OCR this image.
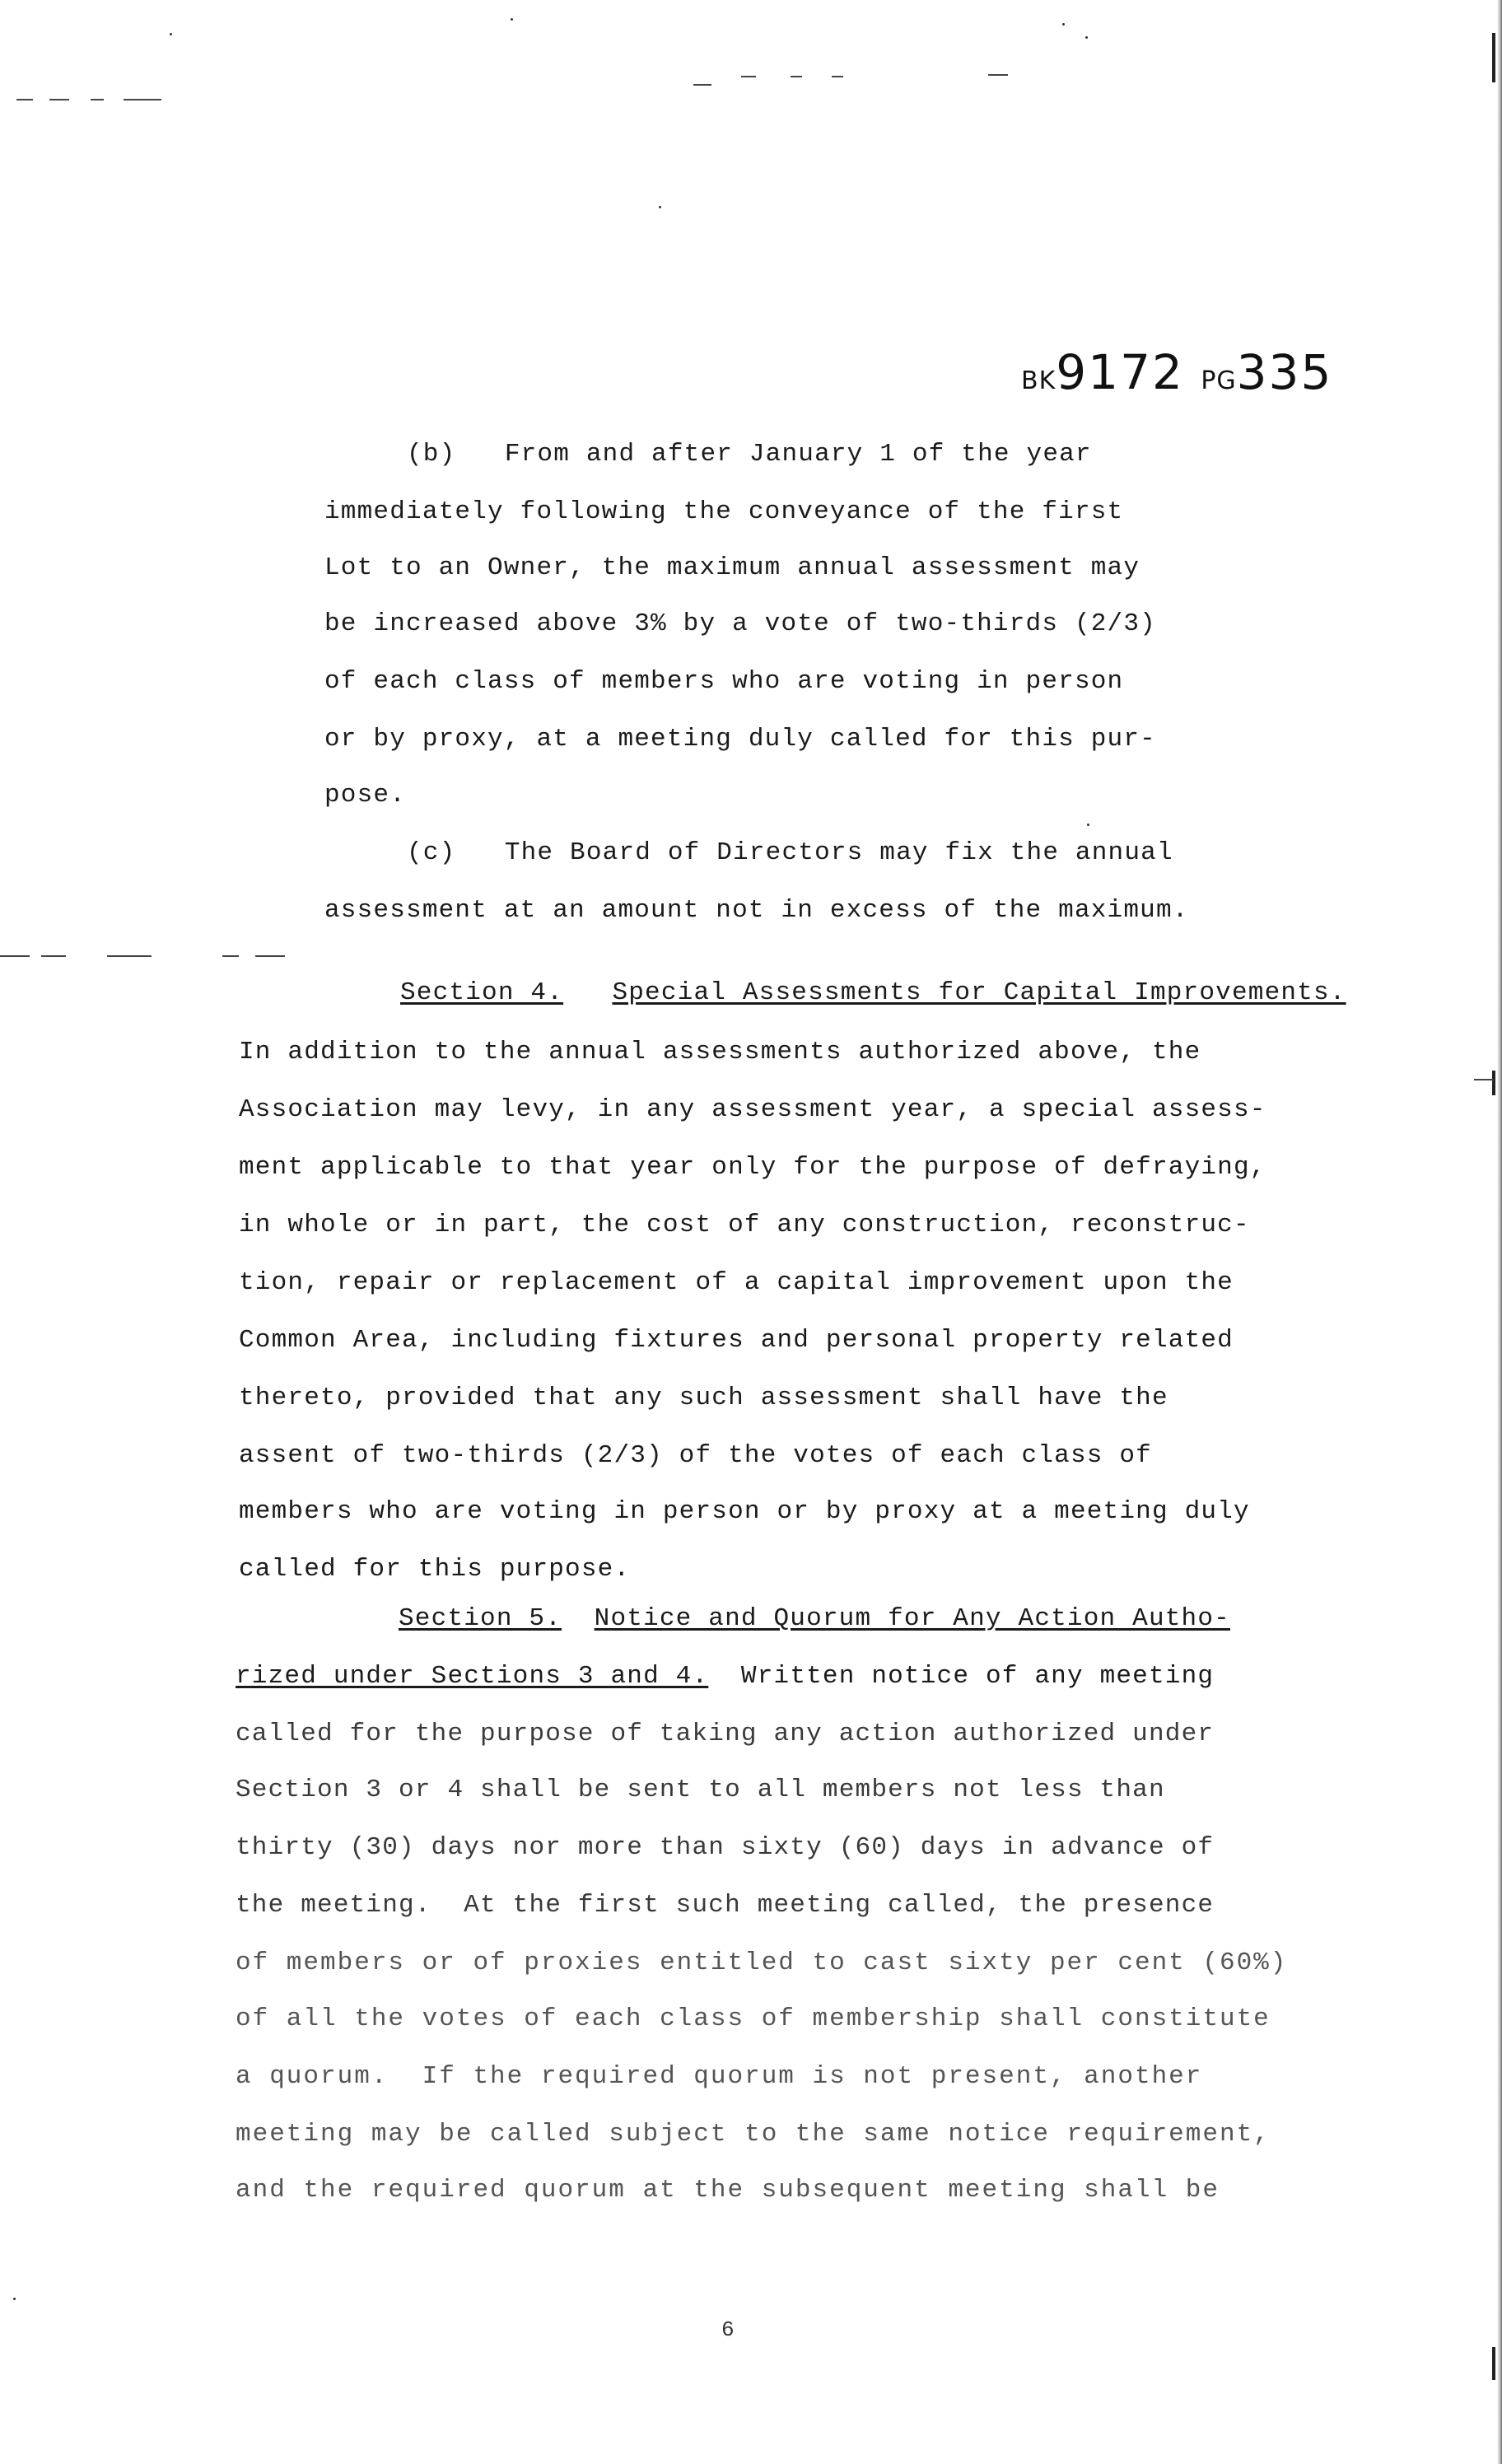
BK9172 PG335
(b)   From and after January 1 of the year
immediately following the conveyance of the first
Lot to an Owner, the maximum annual assessment may
be increased above 3% by a vote of two-thirds (2/3)
of each class of members who are voting in person
or by proxy, at a meeting duly called for this pur-
pose.
(c)   The Board of Directors may fix the annual
assessment at an amount not in excess of the maximum.
Section 4. Special Assessments for Capital Improvements.
In addition to the annual assessments authorized above, the
Association may levy, in any assessment year, a special assess-
ment applicable to that year only for the purpose of defraying,
in whole or in part, the cost of any construction, reconstruc-
tion, repair or replacement of a capital improvement upon the
Common Area, including fixtures and personal property related
thereto, provided that any such assessment shall have the
assent of two-thirds (2/3) of the votes of each class of
members who are voting in person or by proxy at a meeting duly
called for this purpose.
Section 5. Notice and Quorum for Any Action Autho-
rized under Sections 3 and 4. Written notice of any meeting
called for the purpose of taking any action authorized under
Section 3 or 4 shall be sent to all members not less than
thirty (30) days nor more than sixty (60) days in advance of
the meeting.  At the first such meeting called, the presence
of members or of proxies entitled to cast sixty per cent (60%)
of all the votes of each class of membership shall constitute
a quorum.  If the required quorum is not present, another
meeting may be called subject to the same notice requirement,
and the required quorum at the subsequent meeting shall be
6
